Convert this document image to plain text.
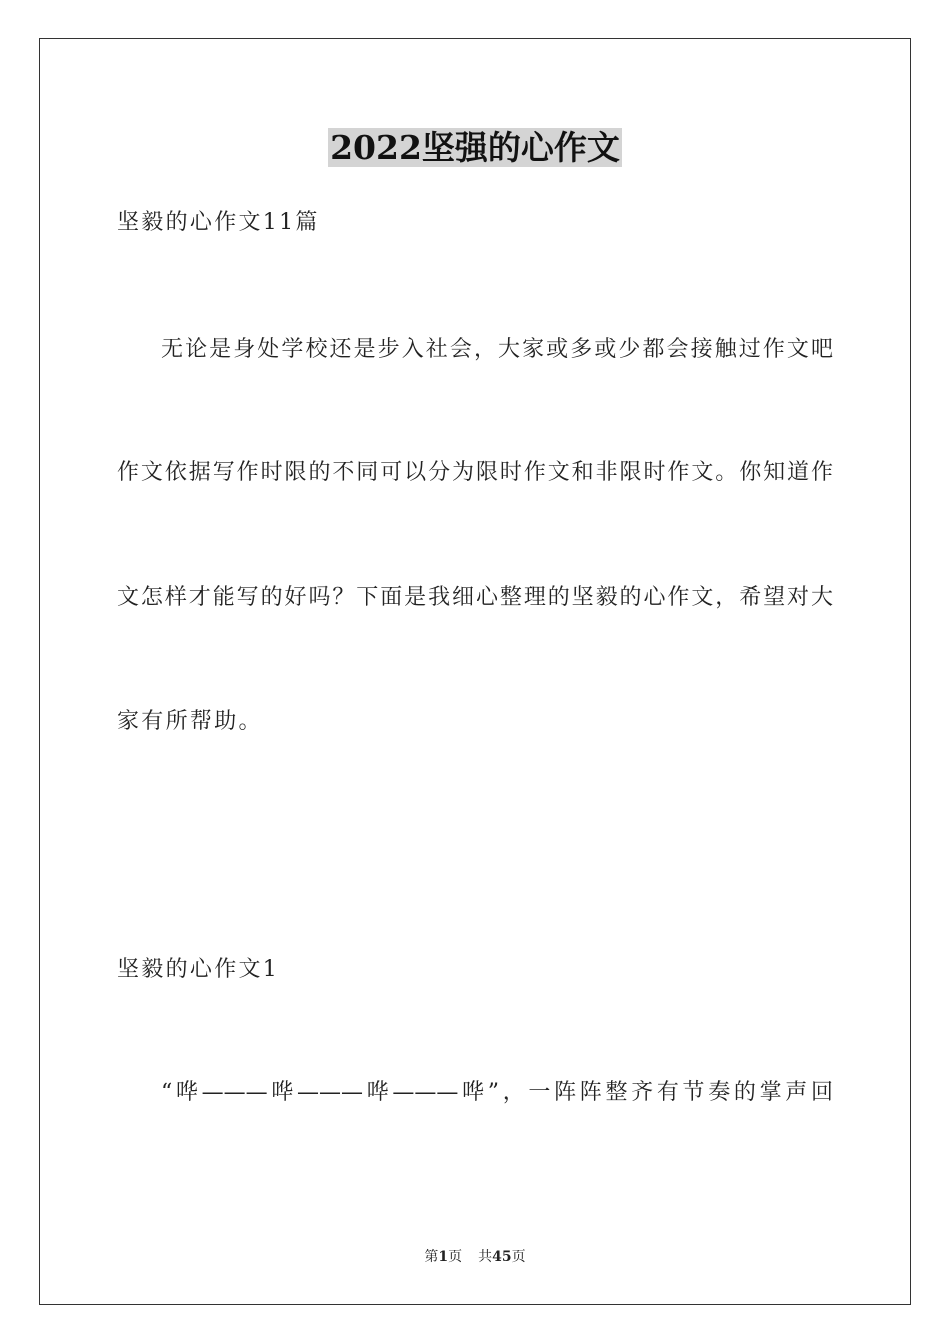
2022坚强的心作文
坚毅的心作文11篇
无论是身处学校还是步入社会，大家或多或少都会接触过作文吧
作文依据写作时限的不同可以分为限时作文和非限时作文。你知道作
文怎样才能写的好吗？下面是我细心整理的坚毅的心作文，希望对大
家有所帮助。
坚毅的心作文1
“哗———哗———哗———哗”，一阵阵整齐有节奏的掌声回
第1页 共45页
